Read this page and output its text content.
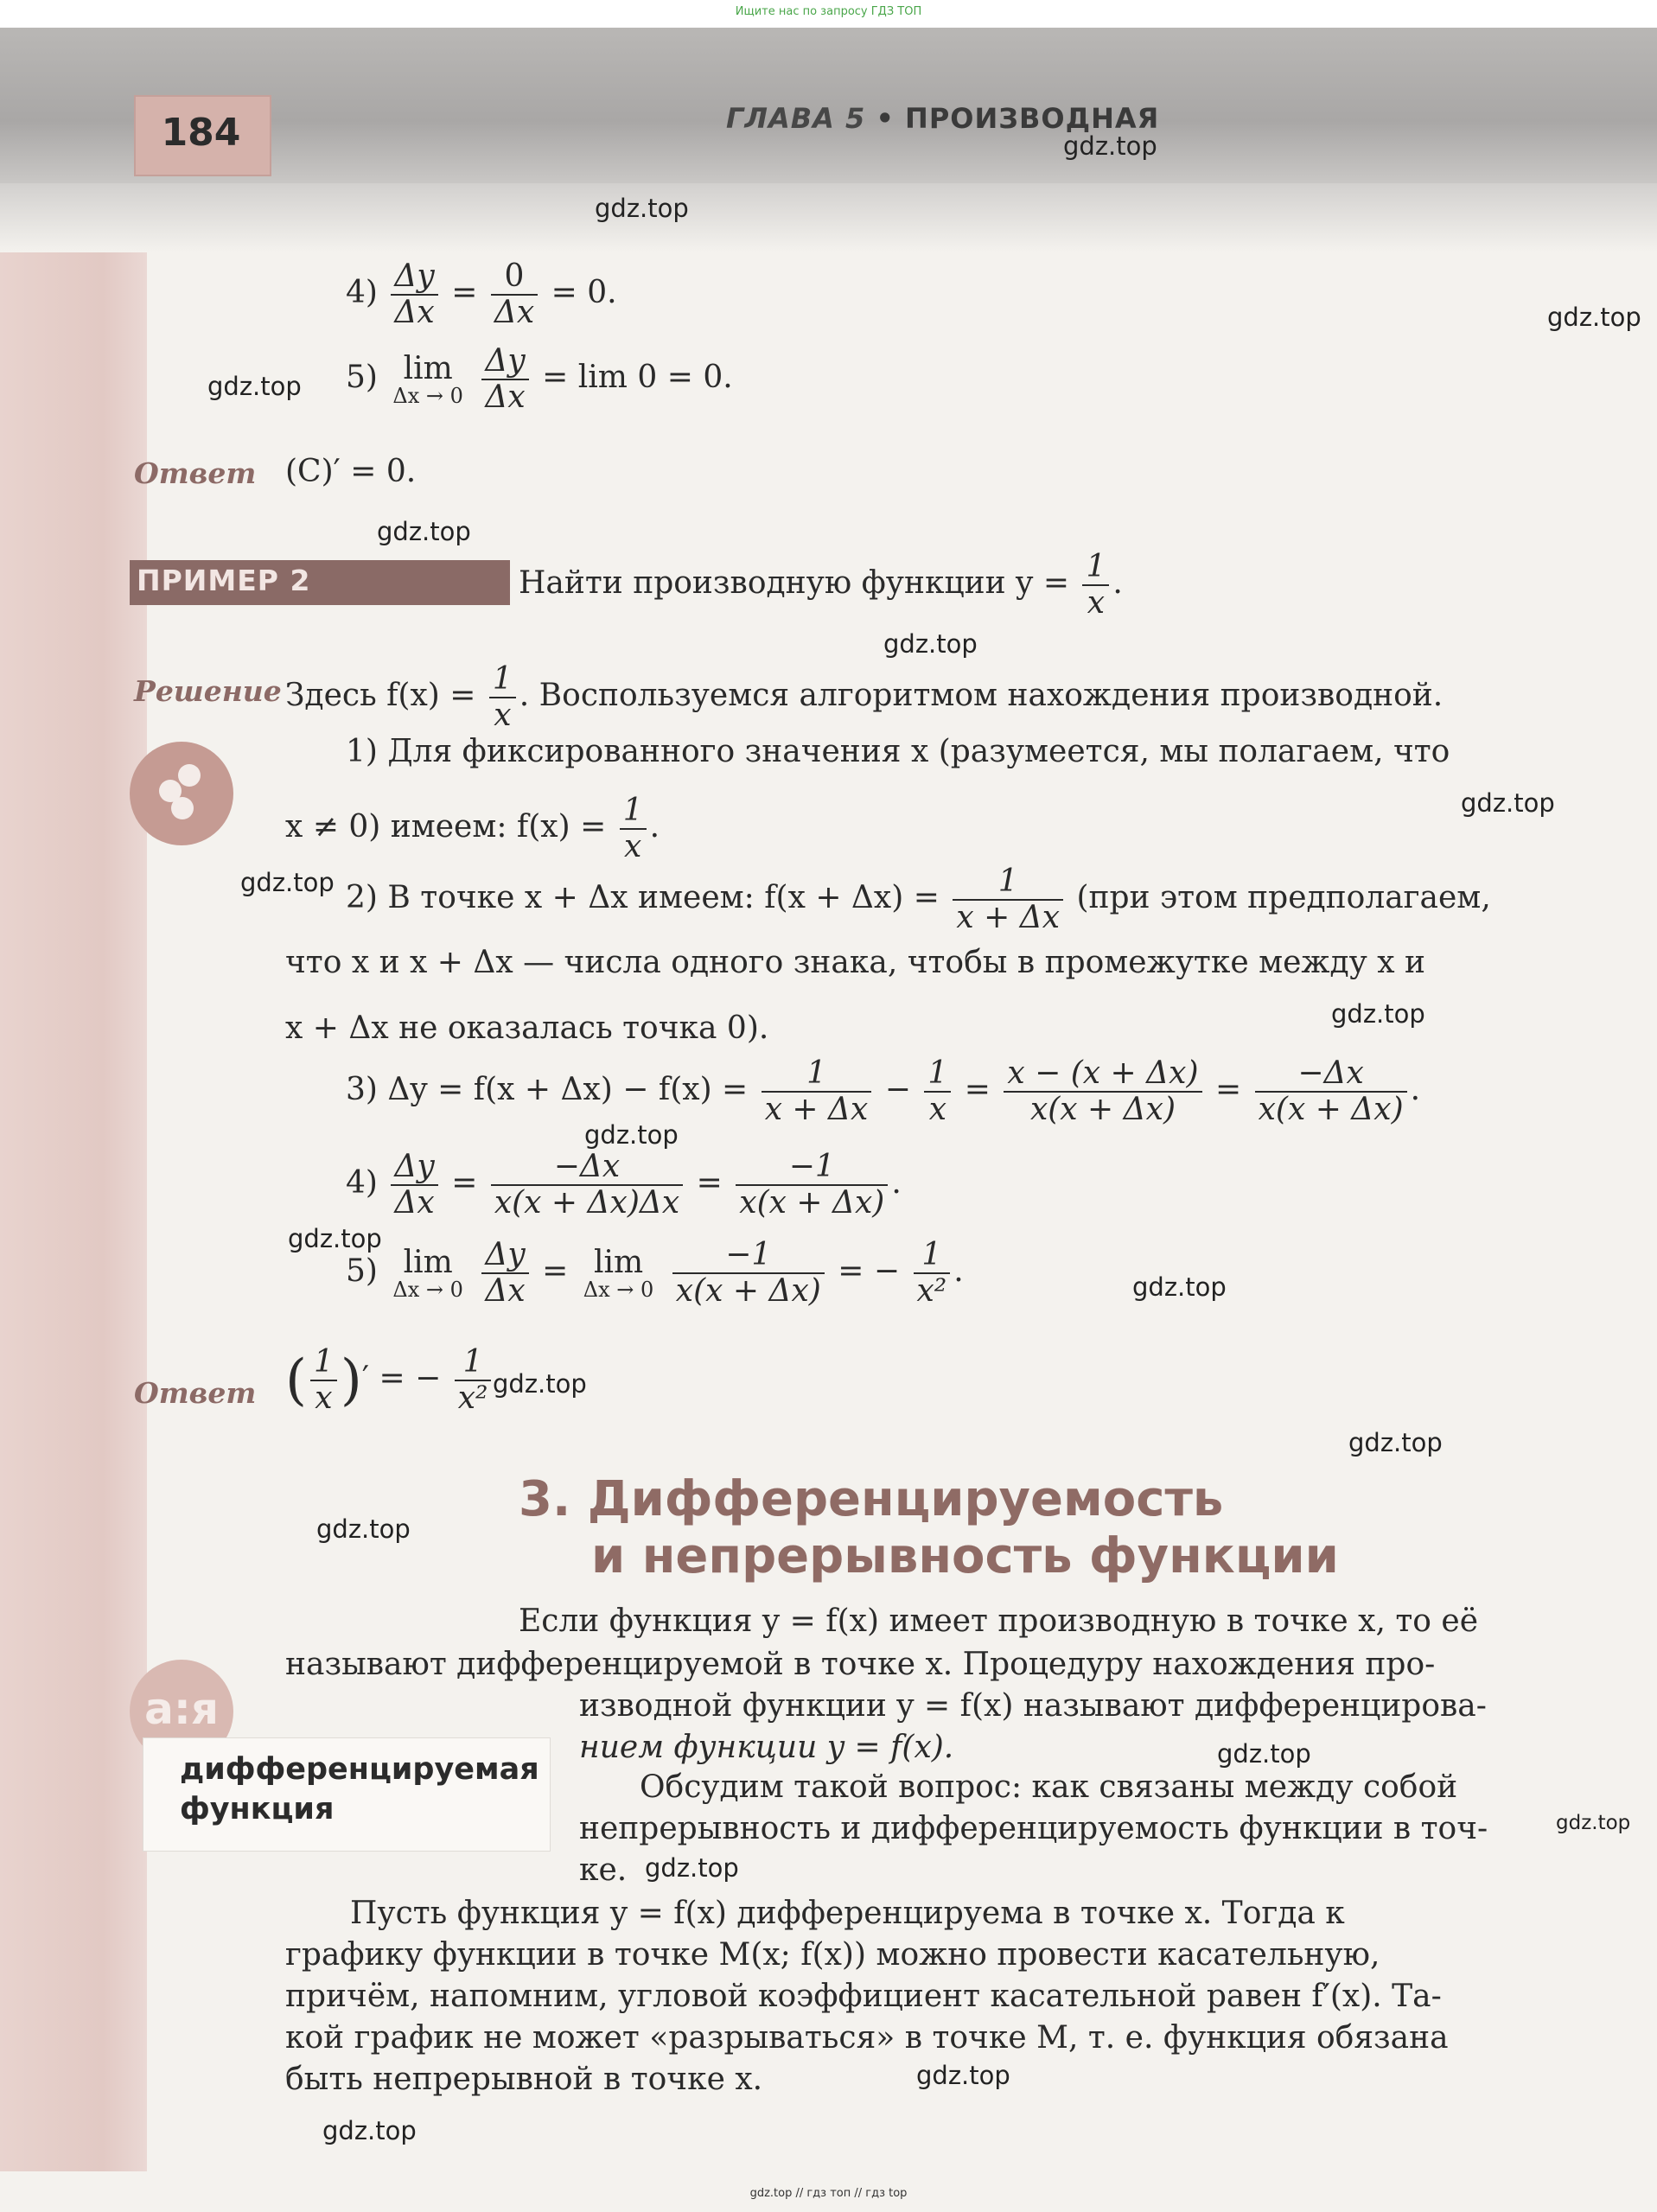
Ищите нас по запросу ГДЗ ТОП
184	ГЛАВА 5 • ПРОИЗВОДНАЯ
gdz.top
gdz.top
gdz.top
gdz.top
gdz.top
gdz.top
gdz.top
gdz.top
gdz.top
gdz.top
gdz.top
gdz.top
gdz.top
gdz.top
gdz.top
gdz.top
gdz.top
gdz.top
gdz.top
gdz.top
$4) \frac{\Delta y}{\Delta x} = \frac{0}{\Delta x} = 0$.
5) lim
Δx → 0
$\frac{\Delta y}{\Delta x} = \lim 0 = 0$.
Ответ (C)′ = 0.
ПРИМЕР 2	Найти производную функции $y = \frac{1}{x}$ .
Решение Здесь $f(x) = \frac{1}{x}$ . Воспользуемся алгоритмом нахождения производной.
1) Для фиксированного значения x (разумеется, мы полагаем, что
x ≠ 0) имеем: $f(x) = \frac{1}{x}$ .
2) В точке x + Δx имеем: $f(x + \Delta x) = \frac{1}{x + \Delta x} (при$ этом предполагаем,
что x и x + Δx — числа одного знака, чтобы в промежутке между x и
x + Δx не оказалась точка 0).
3) $\Delta y = f(x + \Delta x) - f(x) = \frac{1}{x + \Delta x} - \frac{1}{x} = \frac{x - (x + \Delta x)}{x(x + \Delta x)} = \frac{-\Delta x}{x(x + \Delta x)}$ .
$4) \frac{\Delta y}{\Delta x} = \frac{-\Delta x}{x(x + \Delta x)\Delta x} = \frac{-1}{x(x + \Delta x)}$ .
5) lim
Δx → 0
$\frac{\Delta y}{\Delta x} = \lim$
Δx → 0
$\frac{-1}{x(x + \Delta x)}$ = − $\frac{1}{\text{x²}}$ .
Ответ ( $\frac{1}{x}$ )′ = − $\frac{1}{\text{x²}}$
3. Дифференцируемость
и непрерывность функции
a:я
дифференцируемая
функция
Если функция y = f(x) имеет производную в точке x, то её
называют дифференцируемой в точке x. Процедуру нахождения про-
изводной функции y = f(x) называют дифференцирова-
нием функции y = f(x).
Обсудим такой вопрос: как связаны между собой
непрерывность и дифференцируемость функции в точ-
ке.
Пусть функция y = f(x) дифференцируема в точке x. Тогда к
графику функции в точке M(x; f(x)) можно провести касательную,
причём, напомним, угловой коэффициент касательной равен f′(x). Та-
кой график не может «разрываться» в точке M, т. е. функция обязана
быть непрерывной в точке x.
gdz.top // гдз топ // гдз top
